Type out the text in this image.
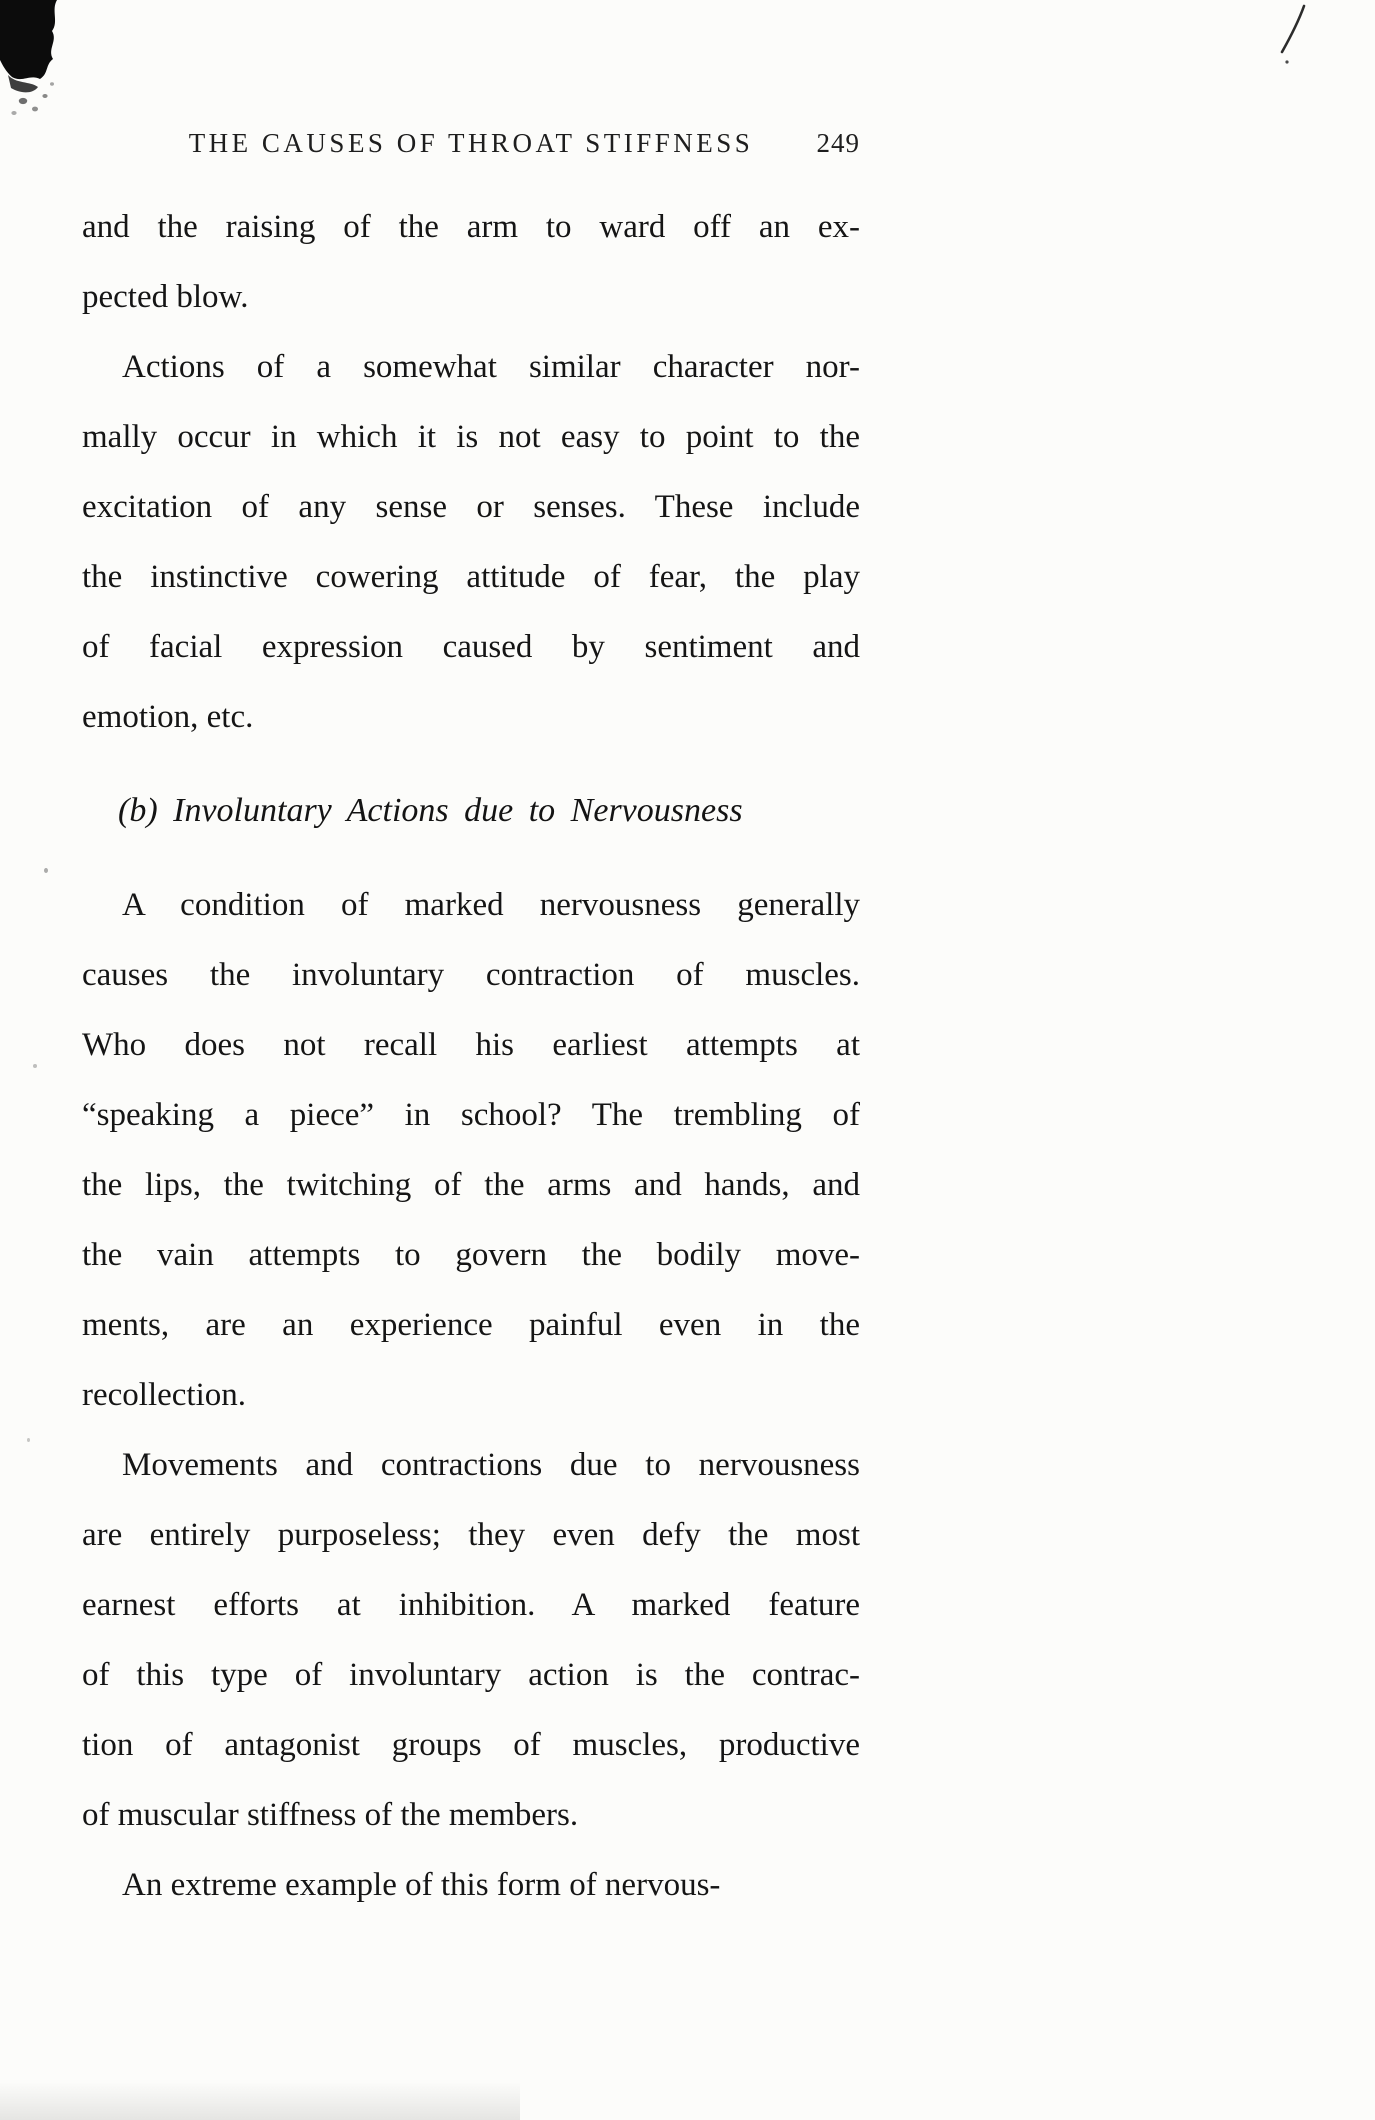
THE CAUSES OF THROAT STIFFNESS 249
and the raising of the arm to ward off an ex-
pected blow.
Actions of a somewhat similar character nor-
mally occur in which it is not easy to point to the
excitation of any sense or senses. These include
the instinctive cowering attitude of fear, the play
of facial expression caused by sentiment and
emotion, etc.
(b) Involuntary Actions due to Nervousness
A condition of marked nervousness generally
causes the involuntary contraction of muscles.
Who does not recall his earliest attempts at
“speaking a piece” in school? The trembling of
the lips, the twitching of the arms and hands, and
the vain attempts to govern the bodily move-
ments, are an experience painful even in the
recollection.
Movements and contractions due to nervousness
are entirely purposeless; they even defy the most
earnest efforts at inhibition. A marked feature
of this type of involuntary action is the contrac-
tion of antagonist groups of muscles, productive
of muscular stiffness of the members.
An extreme example of this form of nervous-
